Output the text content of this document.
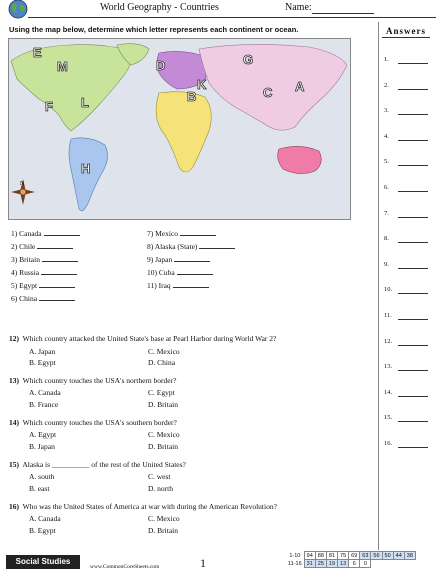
World Geography - Countries	Name:
Using the map below, determine which letter represents each continent or ocean.
E
M	D	G
K
C A
B
F L
H
N
Answers
1.
2.
3.
4.
5.
6.
7.
8.
9.
10.
11.
12.
13.
14.
15.
16.
1) Canada
2) Chile
3) Britain
4) Russia
5) Egypt
6) China
7) Mexico
8) Alaska (State)
9) Japan
10) Cuba
11) Iraq
12) Which country attacked the United State's base at Pearl Harbor during World War 2?
A. Japan	C. Mexico
B. Egypt	D. China
13) Which country touches the USA's northern border?
A. Canada	C. Egypt
B. France	D. Britain
14) Which country touches the USA's southern border?
A. Egypt	C. Mexico
B. Japan	D. Britain
15) Alaska is __________ of the rest of the United States?
A. south	C. west
B. east	D. north
16) Who was the United States of America at war with during the American Revolution?
A. Canada	C. Mexico
B. Egypt	D. Britain
Social Studies
www.CommonCoreSheets.com	1
1-10	94	88	81	75	69	63	56	50	44	38
11-16	31	25	19	13	6	0				
